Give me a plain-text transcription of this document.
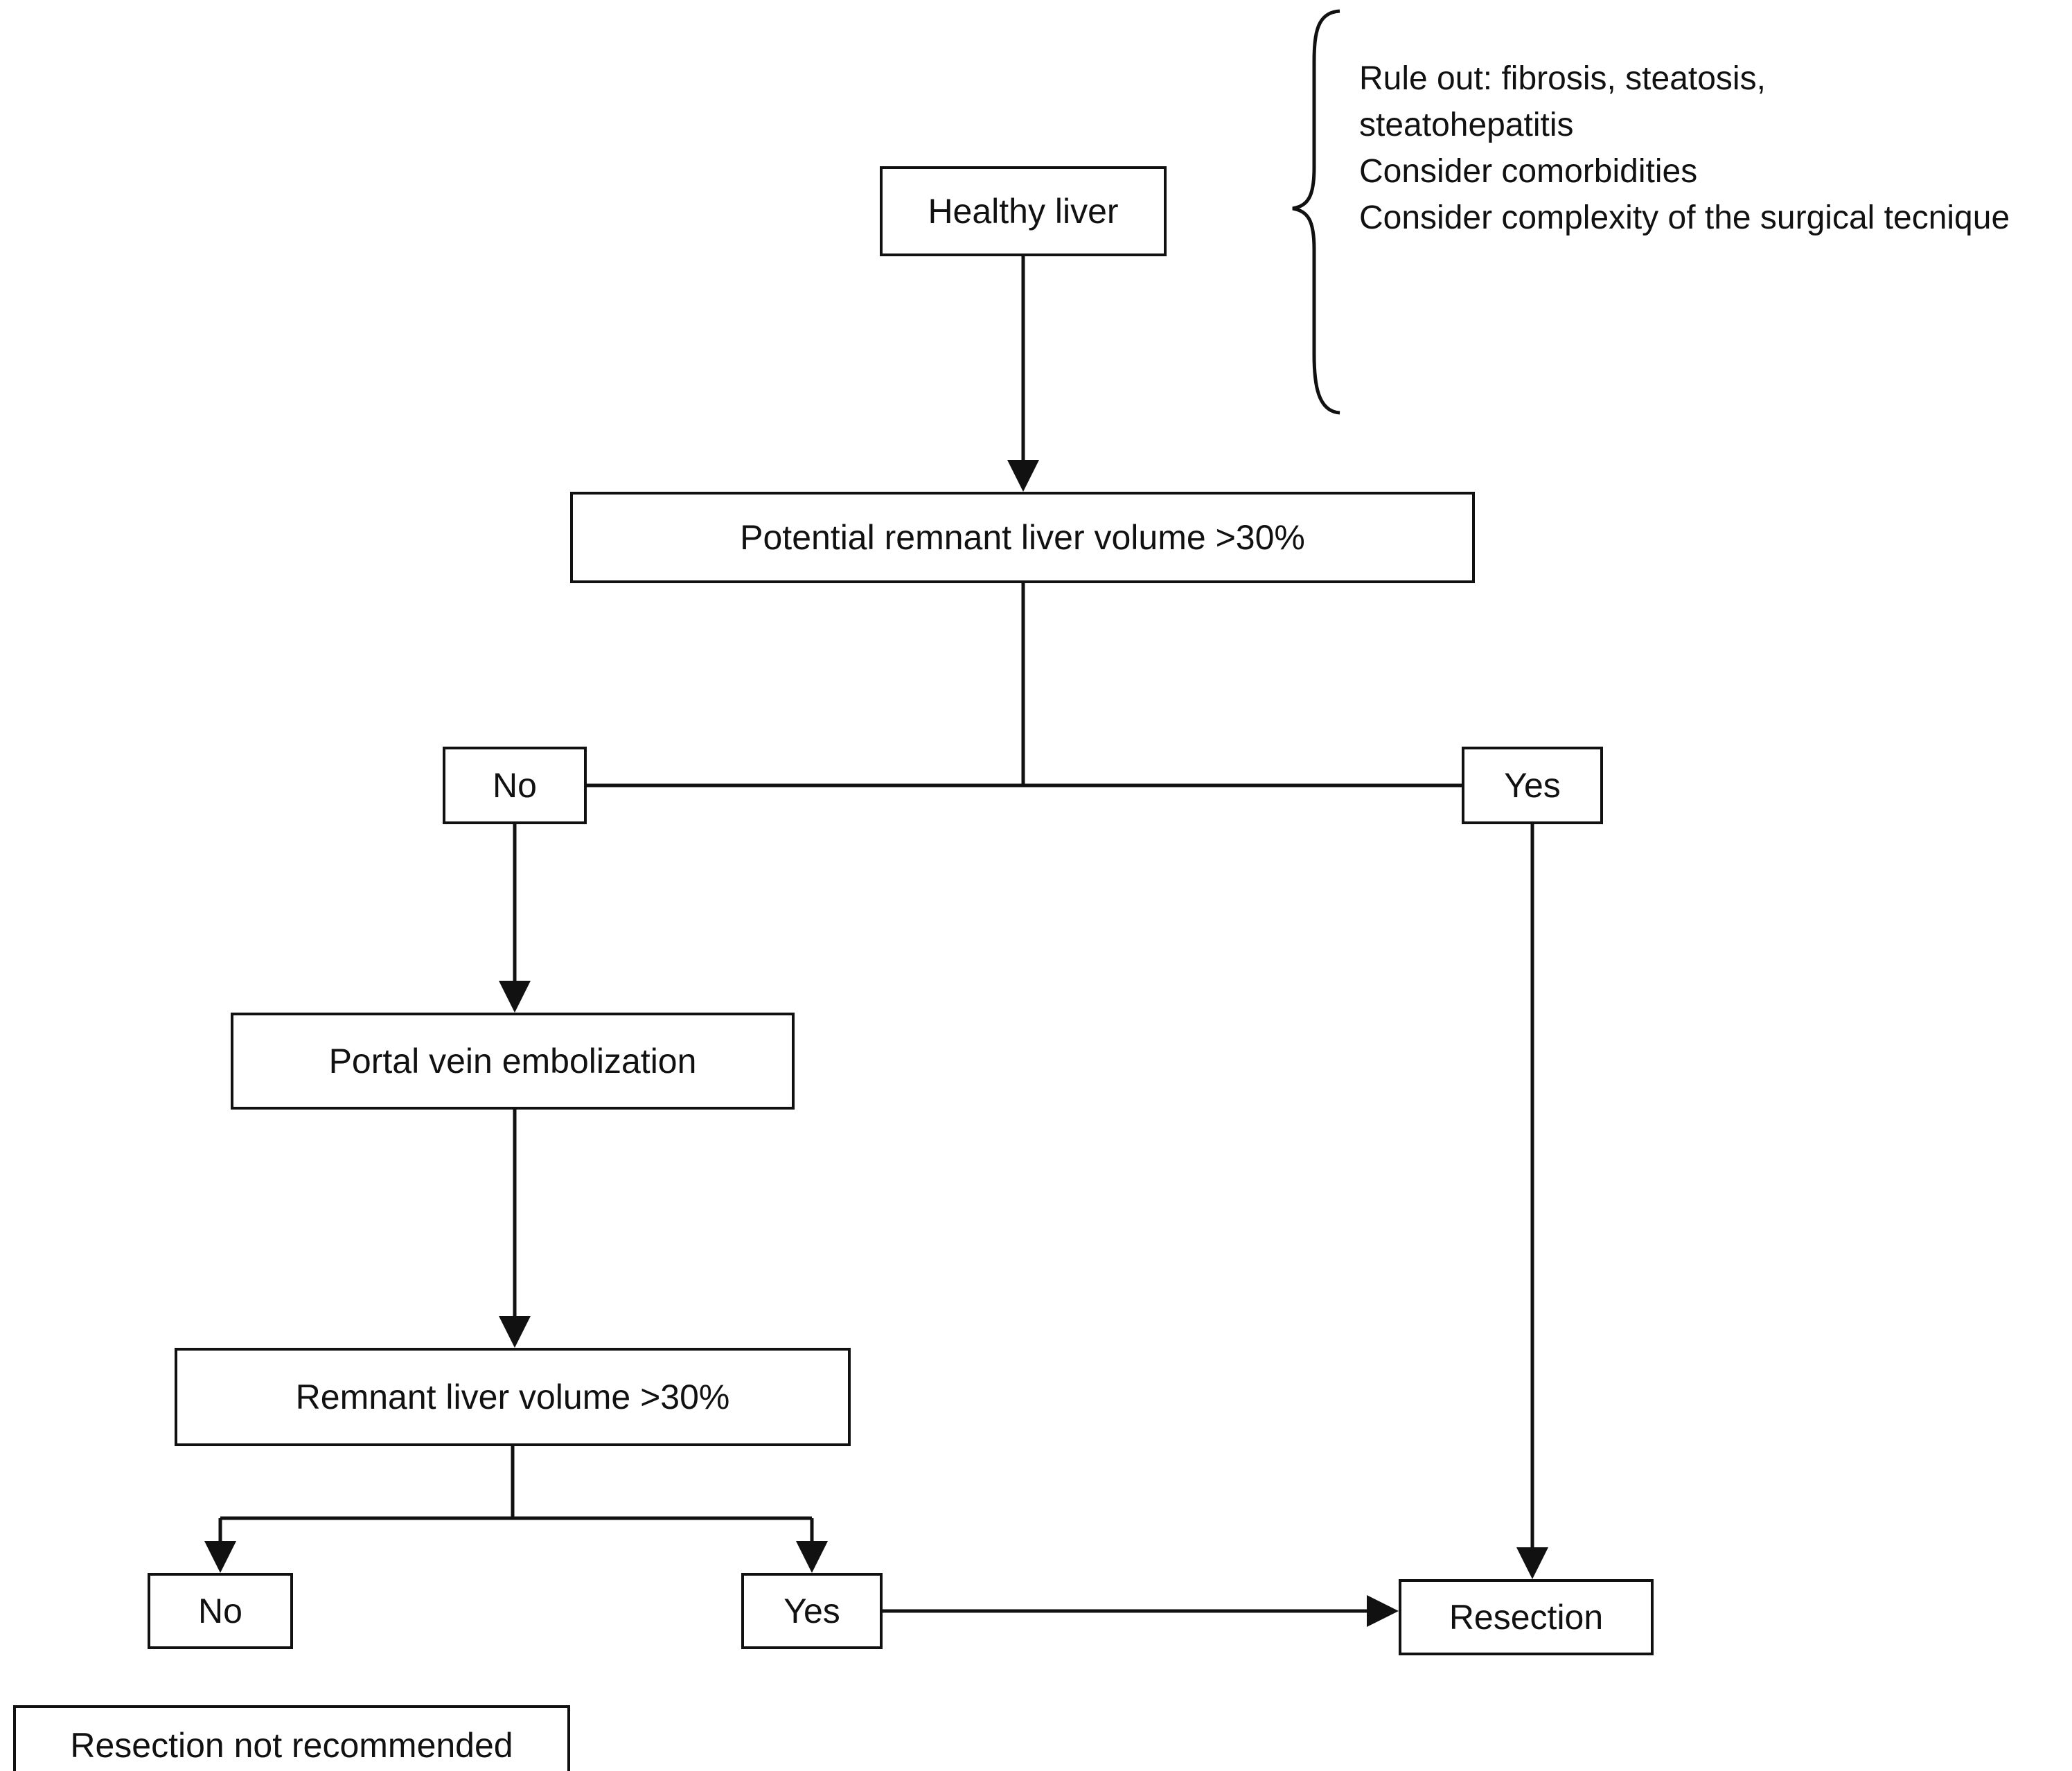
Healthy liver
Potential remnant liver volume >30%
No	Yes
Portal vein embolization
Remnant liver volume >30%
No	Yes	Resection
Resection not recommended
Rule out: fibrosis, steatosis,
steatohepatitis
Consider comorbidities
Consider complexity of the surgical tecnique
